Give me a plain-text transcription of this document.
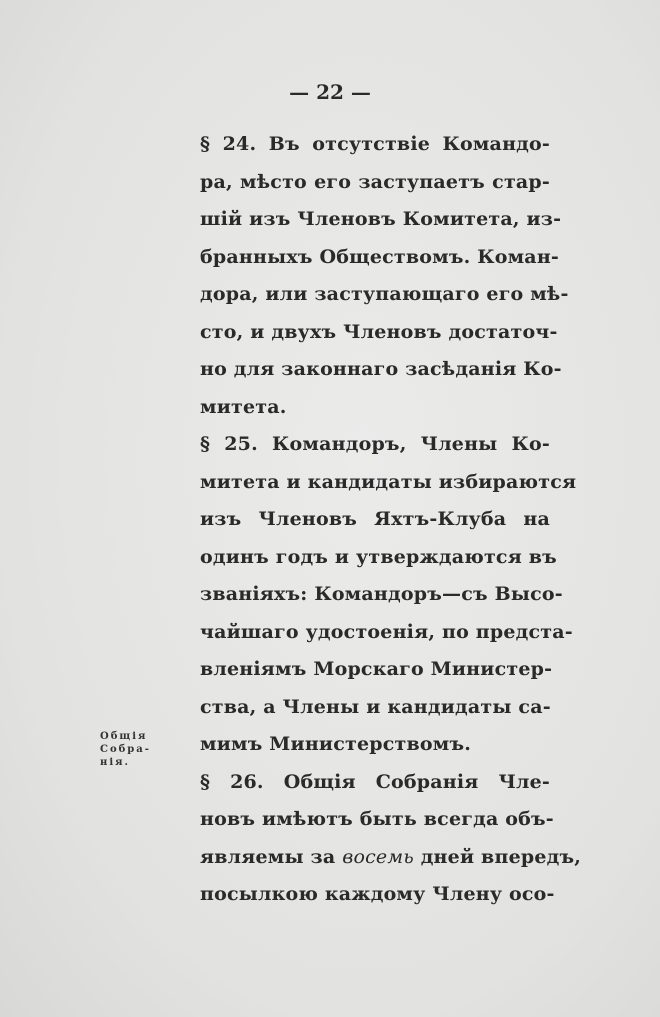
— 22 —
Общія
Собра-
нія.
§ 24. Въ отсутствіе Командо-
ра, мѣсто его заступаетъ стар-
шій изъ Членовъ Комитета, из-
бранныхъ Обществомъ. Коман-
дора, или заступающаго его мѣ-
сто, и двухъ Членовъ достаточ-
но для законнаго засѣданія Ко-
митета.
§ 25. Командоръ, Члены Ко-
митета и кандидаты избираются
изъ Членовъ Яхтъ-Клуба на
одинъ годъ и утверждаются въ
званіяхъ: Командоръ—съ Высо-
чайшаго удостоенія, по предста-
вленіямъ Морскаго Министер-
ства, а Члены и кандидаты са-
мимъ Министерствомъ.
§ 26. Общія Собранія Чле-
новъ имѣютъ быть всегда объ-
являемы за восемь дней впередъ,
посылкою каждому Члену осо-
